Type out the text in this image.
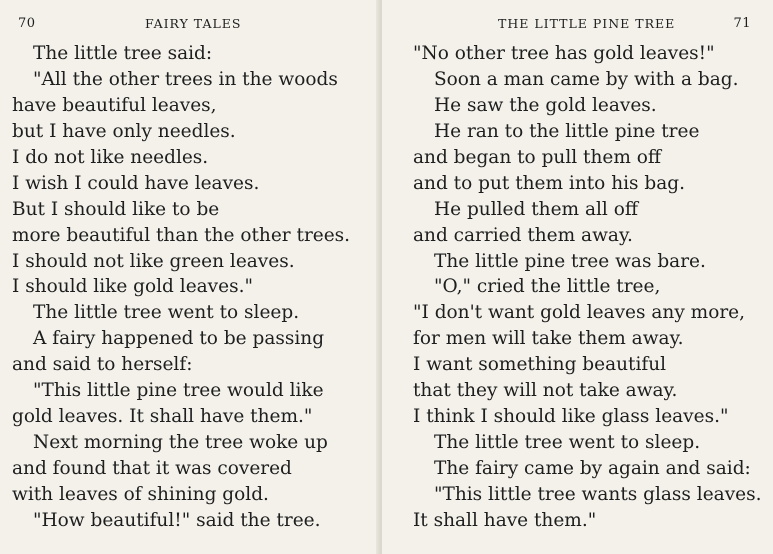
70	FAIRY TALES
The little tree said:
"All the other trees in the woods
have beautiful leaves,
but I have only needles.
I do not like needles.
I wish I could have leaves.
But I should like to be
more beautiful than the other trees.
I should not like green leaves.
I should like gold leaves."
The little tree went to sleep.
A fairy happened to be passing
and said to herself:
"This little pine tree would like
gold leaves. It shall have them."
Next morning the tree woke up
and found that it was covered
with leaves of shining gold.
"How beautiful!" said the tree.
THE LITTLE PINE TREE	71
"No other tree has gold leaves!"
Soon a man came by with a bag.
He saw the gold leaves.
He ran to the little pine tree
and began to pull them off
and to put them into his bag.
He pulled them all off
and carried them away.
The little pine tree was bare.
"O," cried the little tree,
"I don't want gold leaves any more,
for men will take them away.
I want something beautiful
that they will not take away.
I think I should like glass leaves."
The little tree went to sleep.
The fairy came by again and said:
"This little tree wants glass leaves.
It shall have them."
